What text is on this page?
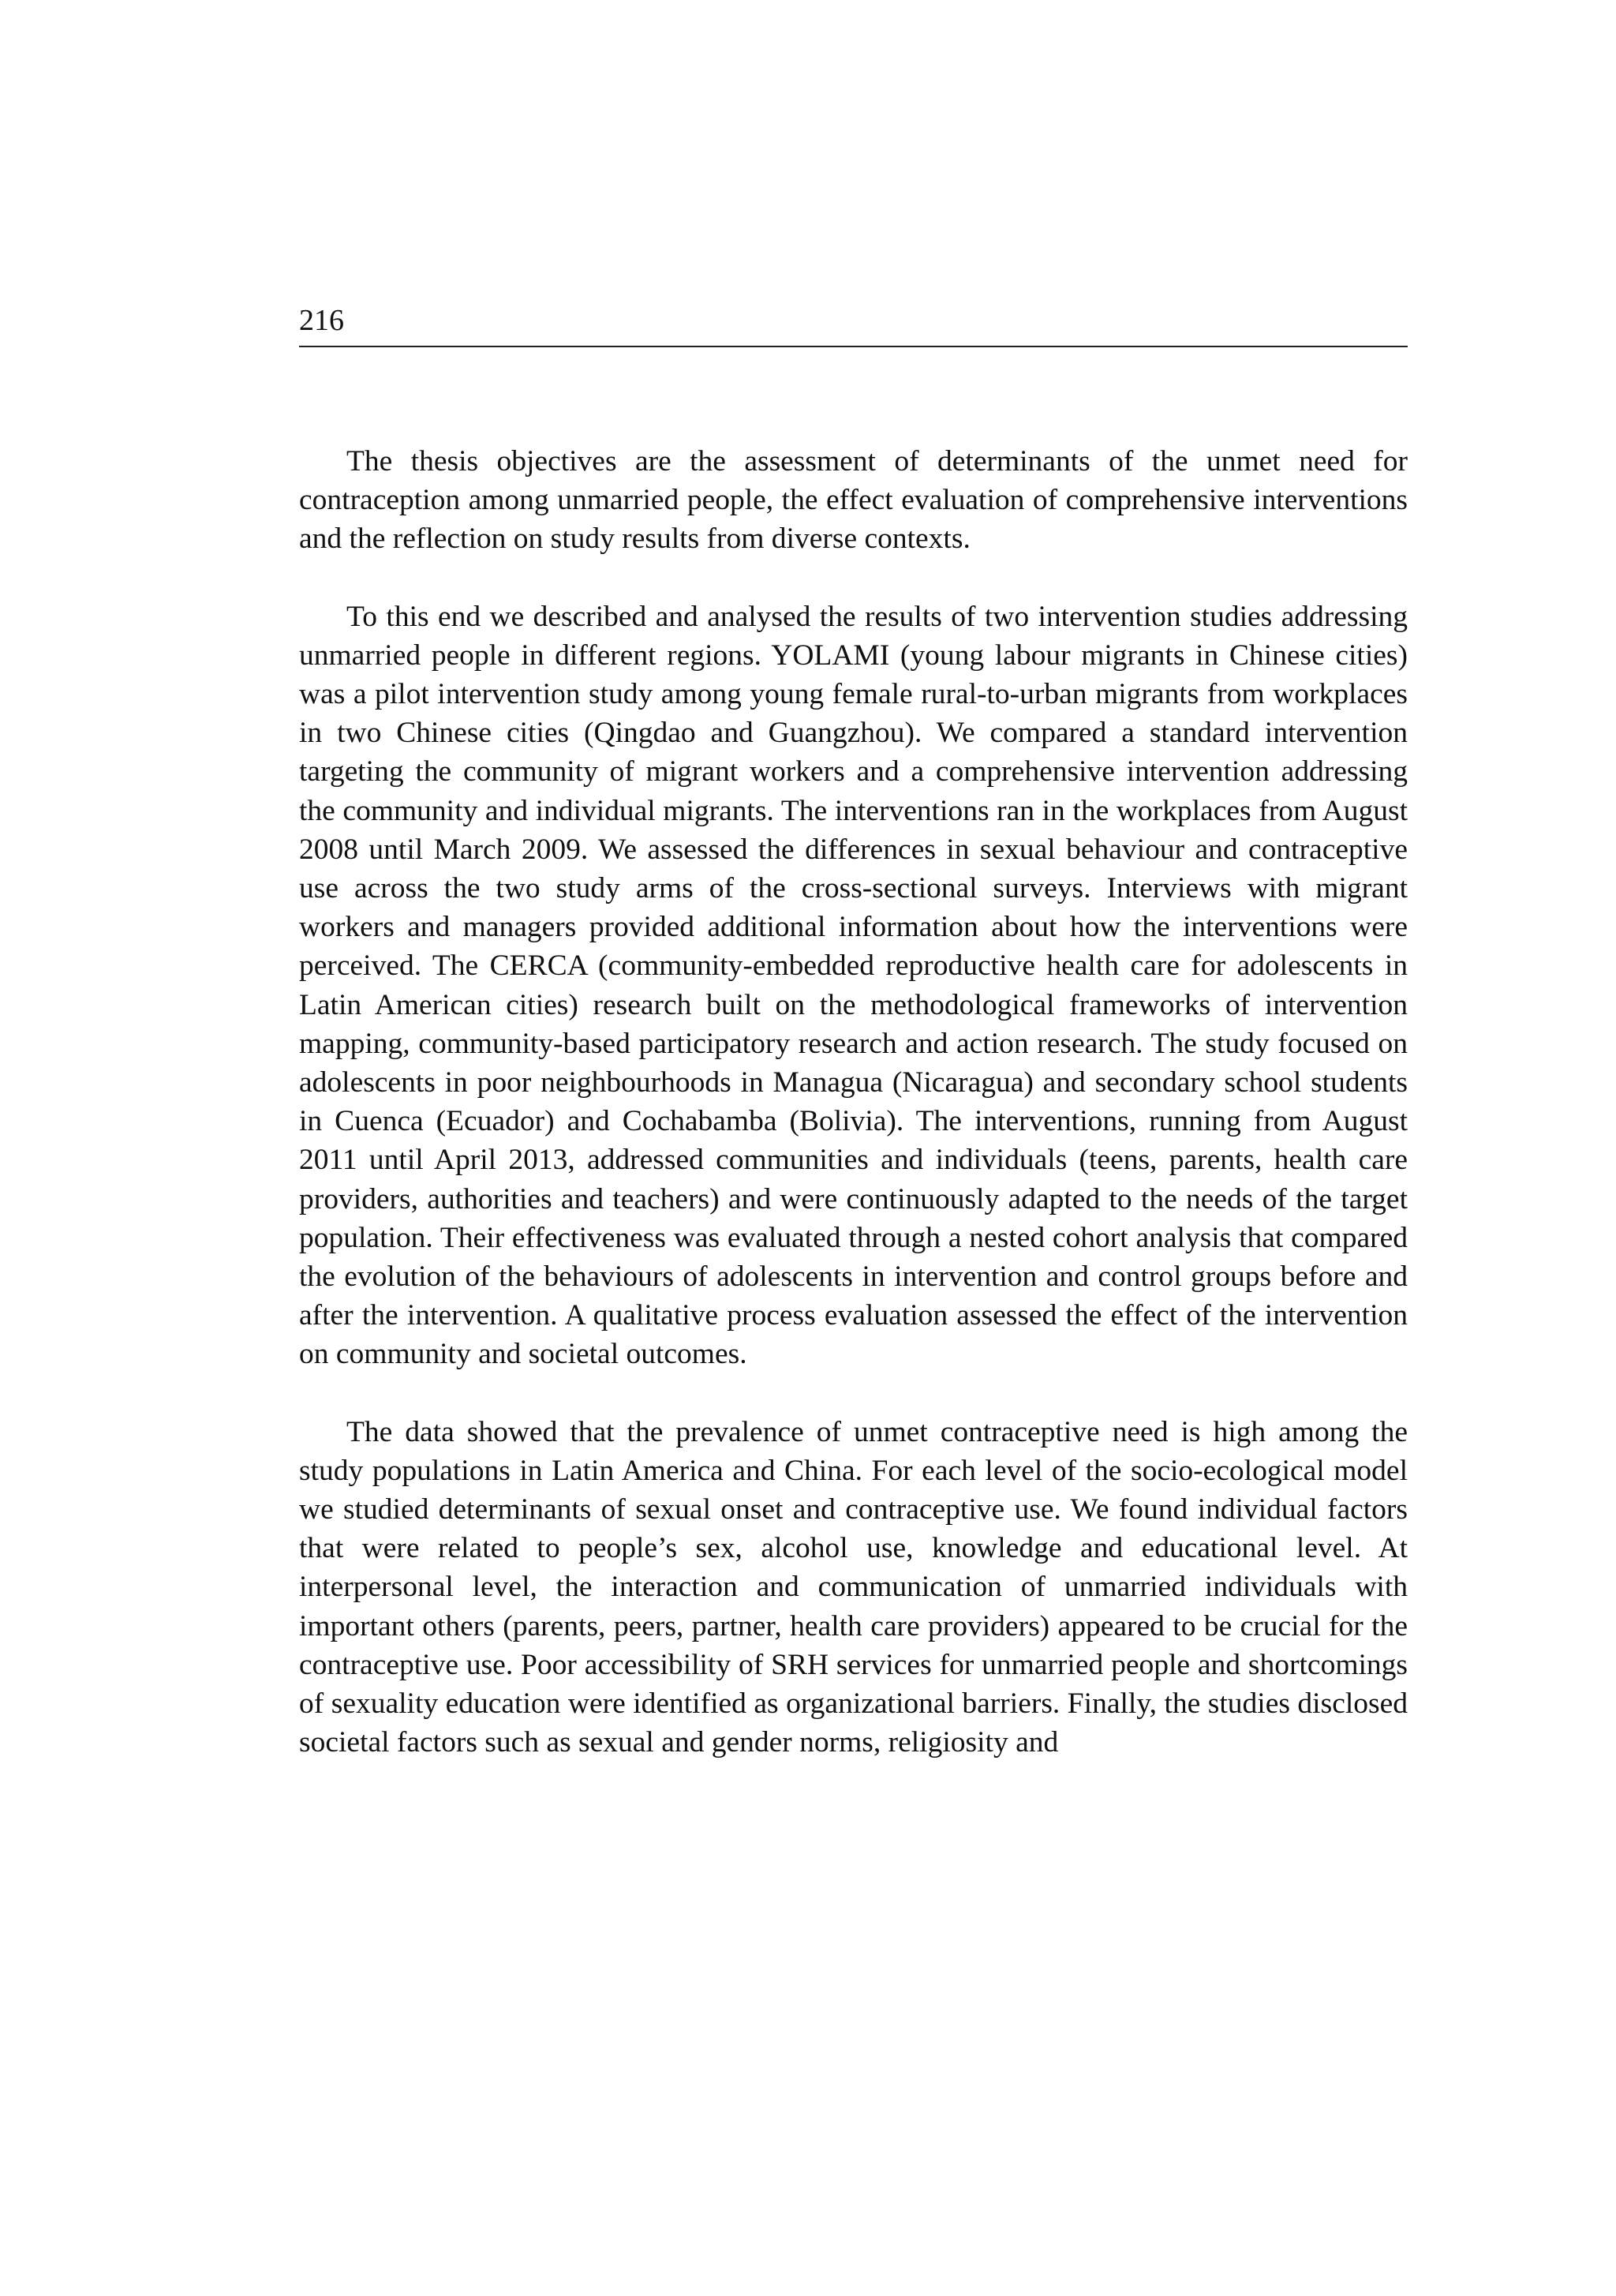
216

The thesis objectives are the assessment of determinants of the unmet need for contraception among unmarried people, the effect evaluation of comprehensive interventions and the reflection on study results from diverse contexts.

To this end we described and analysed the results of two intervention studies addressing unmarried people in different regions. YOLAMI (young labour migrants in Chinese cities) was a pilot intervention study among young female rural-to-urban migrants from workplaces in two Chinese cities (Qingdao and Guangzhou). We compared a standard intervention targeting the community of migrant workers and a comprehensive intervention addressing the community and individual migrants. The interventions ran in the workplaces from August 2008 until March 2009. We assessed the differences in sexual behaviour and contraceptive use across the two study arms of the cross-sectional surveys. Interviews with migrant workers and managers provided additional information about how the interventions were perceived. The CERCA (community-embedded reproductive health care for adolescents in Latin American cities) research built on the methodological frameworks of intervention mapping, community-based participatory research and action research. The study focused on adolescents in poor neighbourhoods in Managua (Nicaragua) and secondary school students in Cuenca (Ecuador) and Cochabamba (Bolivia). The interventions, running from August 2011 until April 2013, addressed communities and individuals (teens, parents, health care providers, authorities and teachers) and were continuously adapted to the needs of the target population. Their effectiveness was evaluated through a nested cohort analysis that compared the evolution of the behaviours of adolescents in intervention and control groups before and after the intervention. A qualitative process evaluation assessed the effect of the intervention on community and societal outcomes.

The data showed that the prevalence of unmet contraceptive need is high among the study populations in Latin America and China. For each level of the socio-ecological model we studied determinants of sexual onset and contraceptive use. We found individual factors that were related to people’s sex, alcohol use, knowledge and educational level. At interpersonal level, the interaction and communication of unmarried individuals with important others (parents, peers, partner, health care providers) appeared to be crucial for the contraceptive use. Poor accessibility of SRH services for unmarried people and shortcomings of sexuality education were identified as organizational barriers. Finally, the studies disclosed societal factors such as sexual and gender norms, religiosity and
